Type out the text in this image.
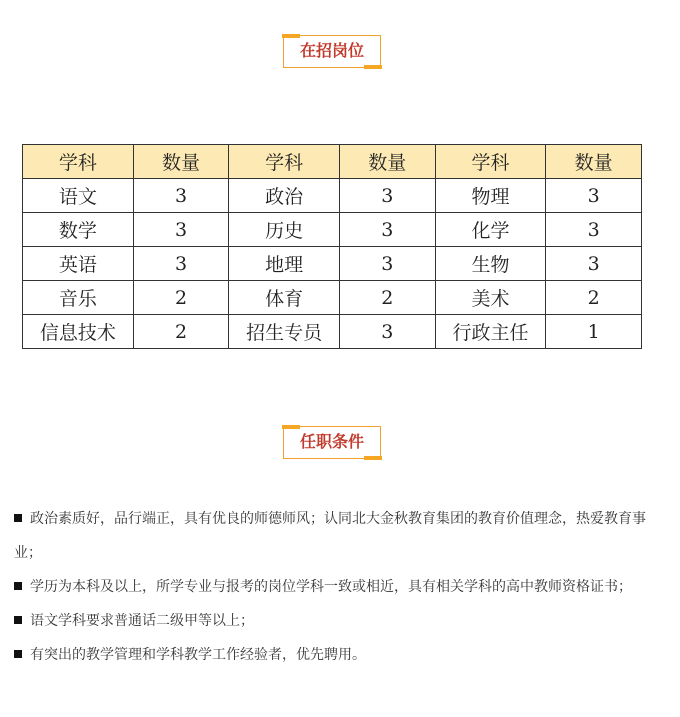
在招岗位
学科	数量	学科	数量	学科	数量
语文	3	政治	3	物理	3
数学	3	历史	3	化学	3
英语	3	地理	3	生物	3
音乐	2	体育	2	美术	2
信息技术	2	招生专员	3	行政主任	1
任职条件
政治素质好，品行端正，具有优良的师德师风；认同北大金秋教育集团的教育价值理念，热爱教育事业；
学历为本科及以上，所学专业与报考的岗位学科一致或相近，具有相关学科的高中教师资格证书；
语文学科要求普通话二级甲等以上；
有突出的教学管理和学科教学工作经验者，优先聘用。
